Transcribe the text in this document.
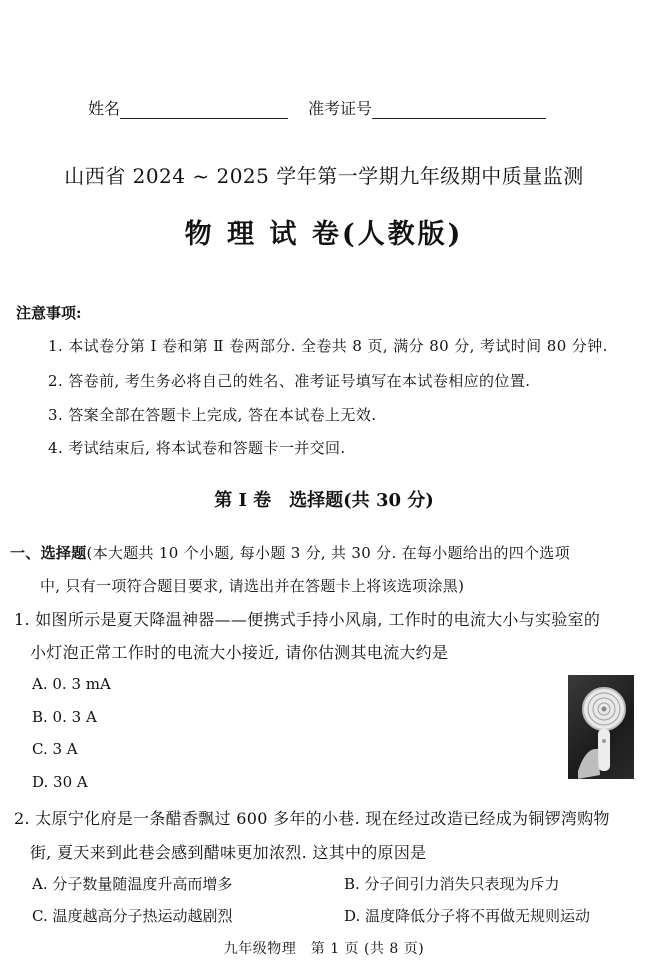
姓名	准考证号
山西省 2024 ~ 2025 学年第一学期九年级期中质量监测
物 理 试 卷(人教版)
注意事项:
1. 本试卷分第 Ⅰ 卷和第 Ⅱ 卷两部分. 全卷共 8 页, 满分 80 分, 考试时间 80 分钟.
2. 答卷前, 考生务必将自己的姓名、准考证号填写在本试卷相应的位置.
3. 答案全部在答题卡上完成, 答在本试卷上无效.
4. 考试结束后, 将本试卷和答题卡一并交回.
第 Ⅰ 卷　选择题(共 30 分)
一、选择题(本大题共 10 个小题, 每小题 3 分, 共 30 分. 在每小题给出的四个选项
中, 只有一项符合题目要求, 请选出并在答题卡上将该选项涂黑)
1. 如图所示是夏天降温神器——便携式手持小风扇, 工作时的电流大小与实验室的
小灯泡正常工作时的电流大小接近, 请你估测其电流大约是
A. 0. 3 mA
B. 0. 3 A
C. 3 A
D. 30 A
2. 太原宁化府是一条醋香飘过 600 多年的小巷. 现在经过改造已经成为铜锣湾购物
街, 夏天来到此巷会感到醋味更加浓烈. 这其中的原因是
A. 分子数量随温度升高而增多	B. 分子间引力消失只表现为斥力
C. 温度越高分子热运动越剧烈	D. 温度降低分子将不再做无规则运动
九年级物理　第 1 页 (共 8 页)
